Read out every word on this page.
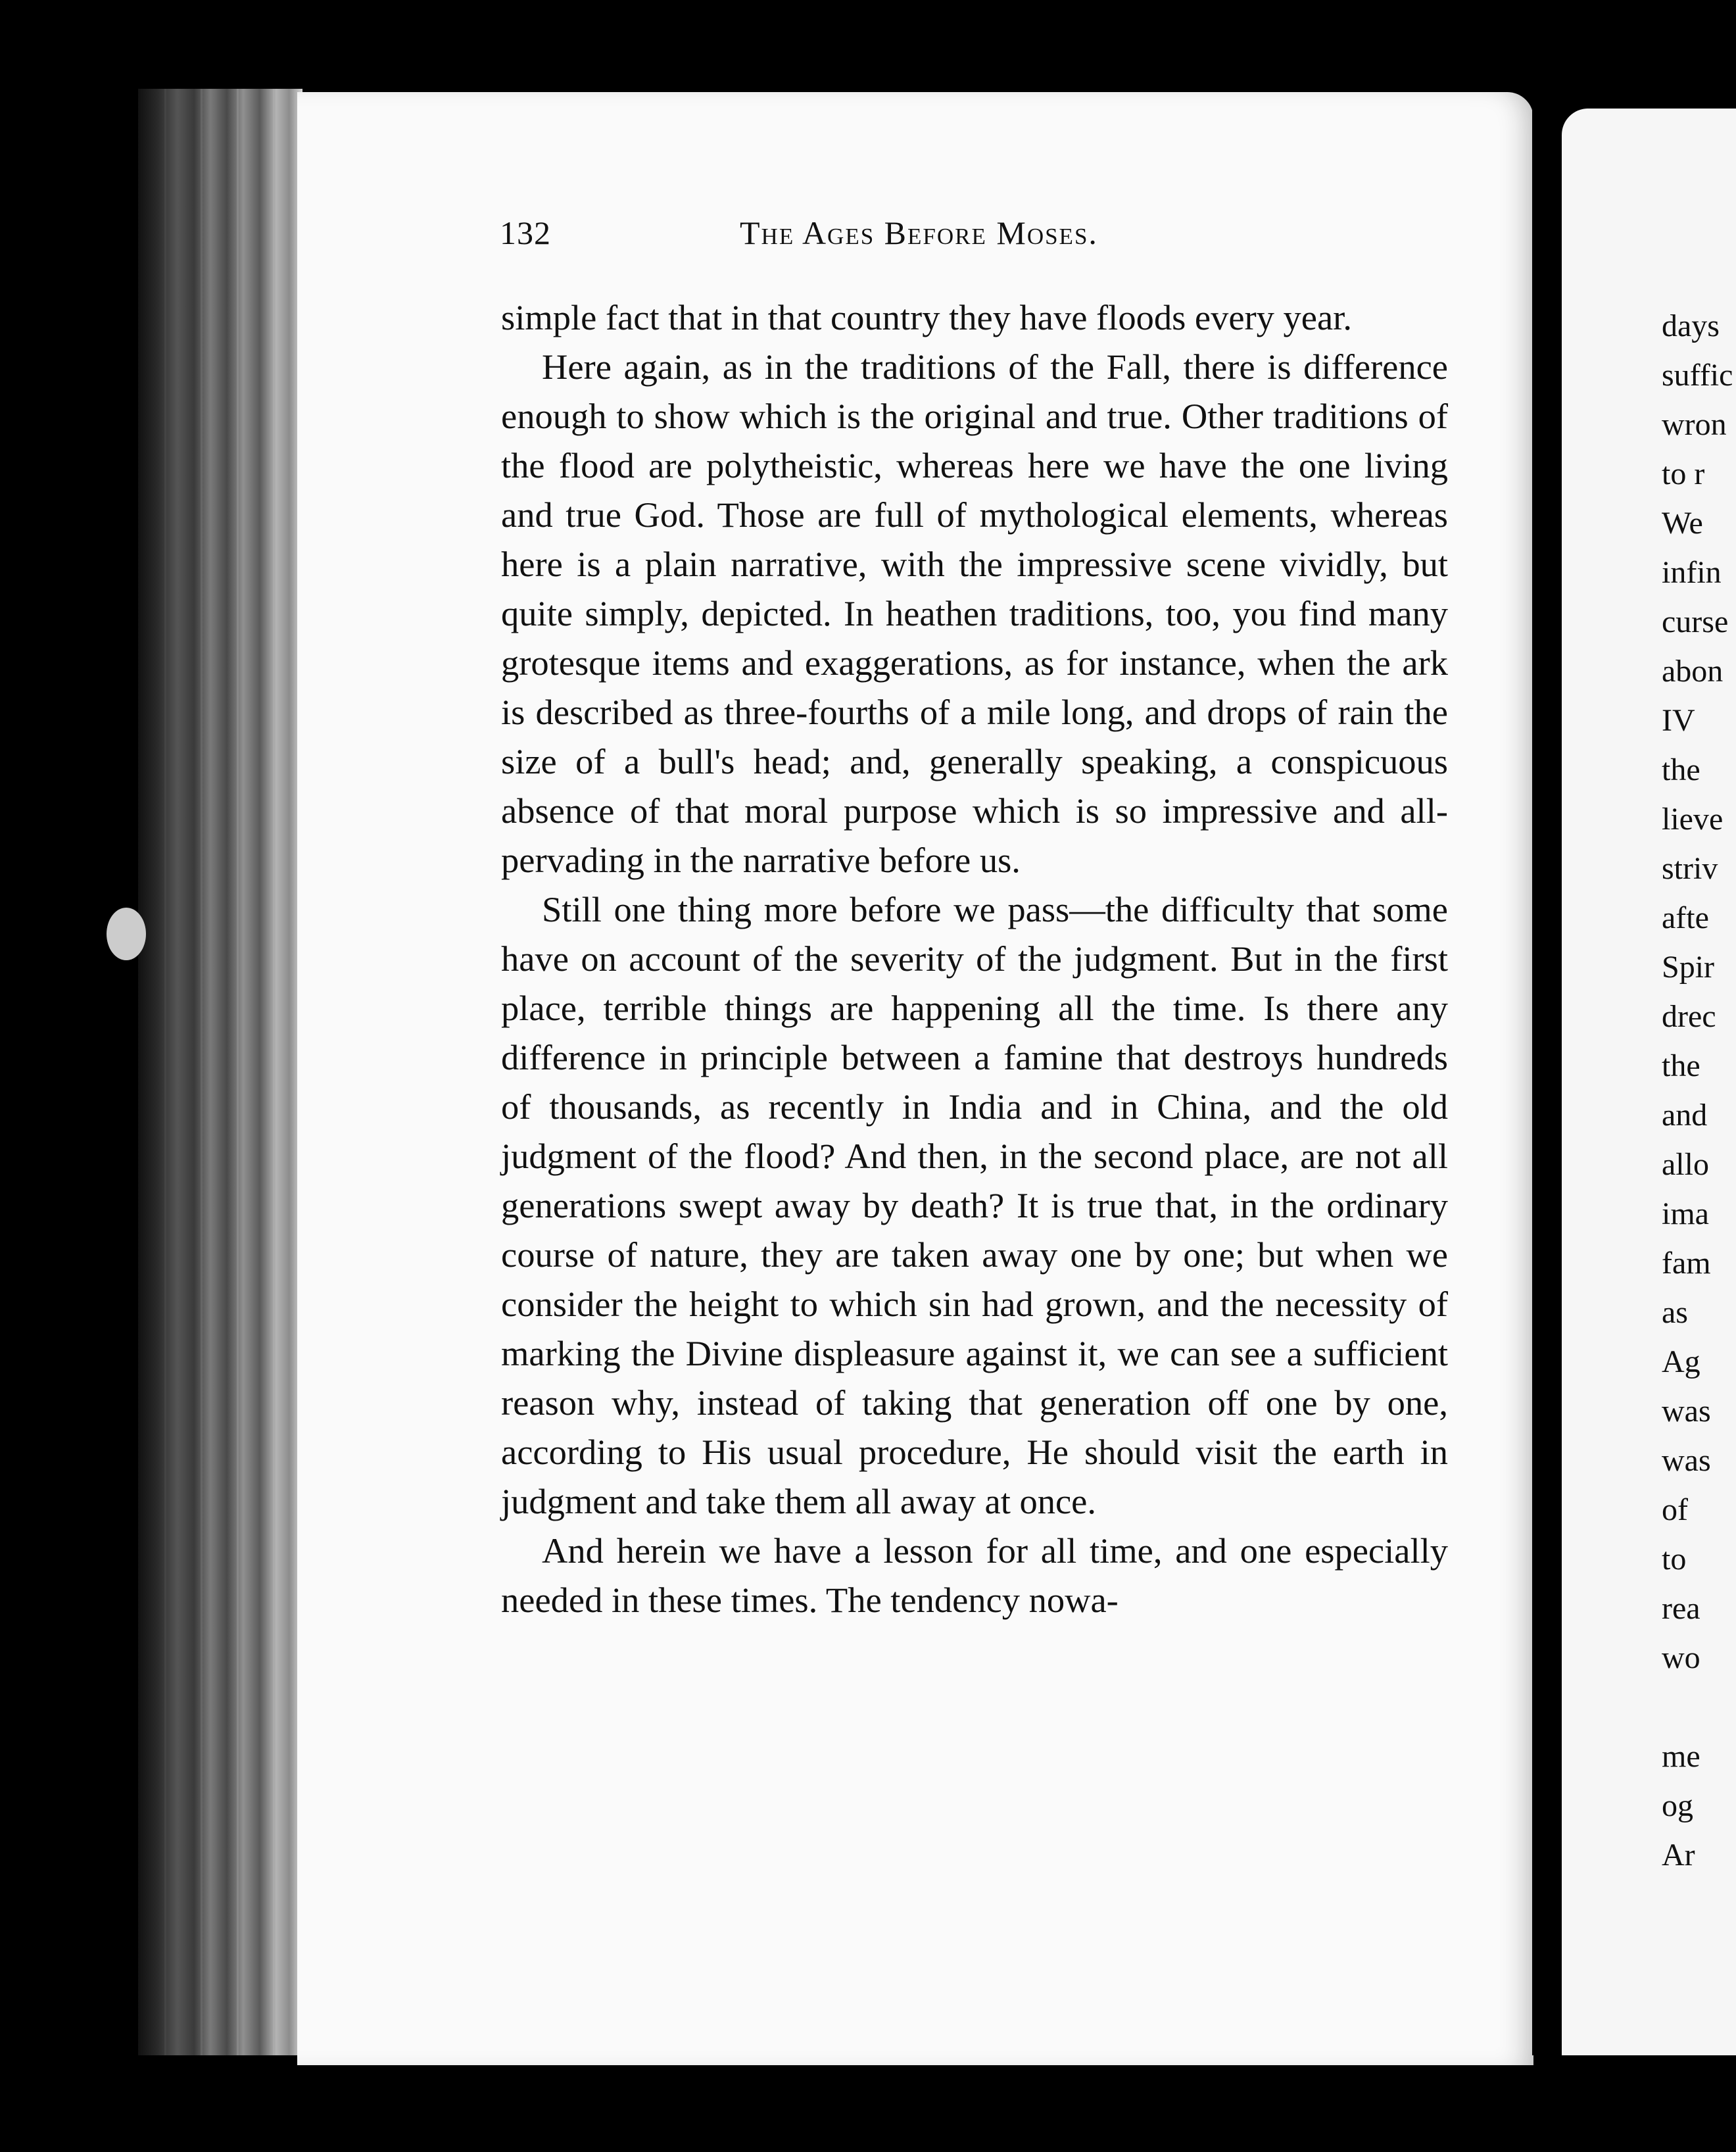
132	The Ages Before Moses.

simple fact that in that country they have floods every year.

Here again, as in the traditions of the Fall, there is difference enough to show which is the original and true. Other traditions of the flood are polytheistic, whereas here we have the one living and true God. Those are full of mythological elements, whereas here is a plain narrative, with the impressive scene vividly, but quite simply, depicted. In heathen traditions, too, you find many grotesque items and exaggerations, as for instance, when the ark is described as three-fourths of a mile long, and drops of rain the size of a bull's head; and, generally speaking, a conspicuous absence of that moral purpose which is so impressive and all-pervading in the narrative before us.

Still one thing more before we pass—the difficulty that some have on account of the severity of the judgment. But in the first place, terrible things are happening all the time. Is there any difference in principle between a famine that destroys hundreds of thousands, as recently in India and in China, and the old judgment of the flood? And then, in the second place, are not all generations swept away by death? It is true that, in the ordinary course of nature, they are taken away one by one; but when we consider the height to which sin had grown, and the necessity of marking the Divine displeasure against it, we can see a sufficient reason why, instead of taking that generation off one by one, according to His usual procedure, He should visit the earth in judgment and take them all away at once.

And herein we have a lesson for all time, and one especially needed in these times. The tendency nowa-

days
suffic
wron
to r
We
infin
curse
abon
IV
the
lieve
striv
afte
Spir
drec
the
and
allo
ima
fam
as
Ag
was
was
of
to
rea
wo

me
og
Ar
